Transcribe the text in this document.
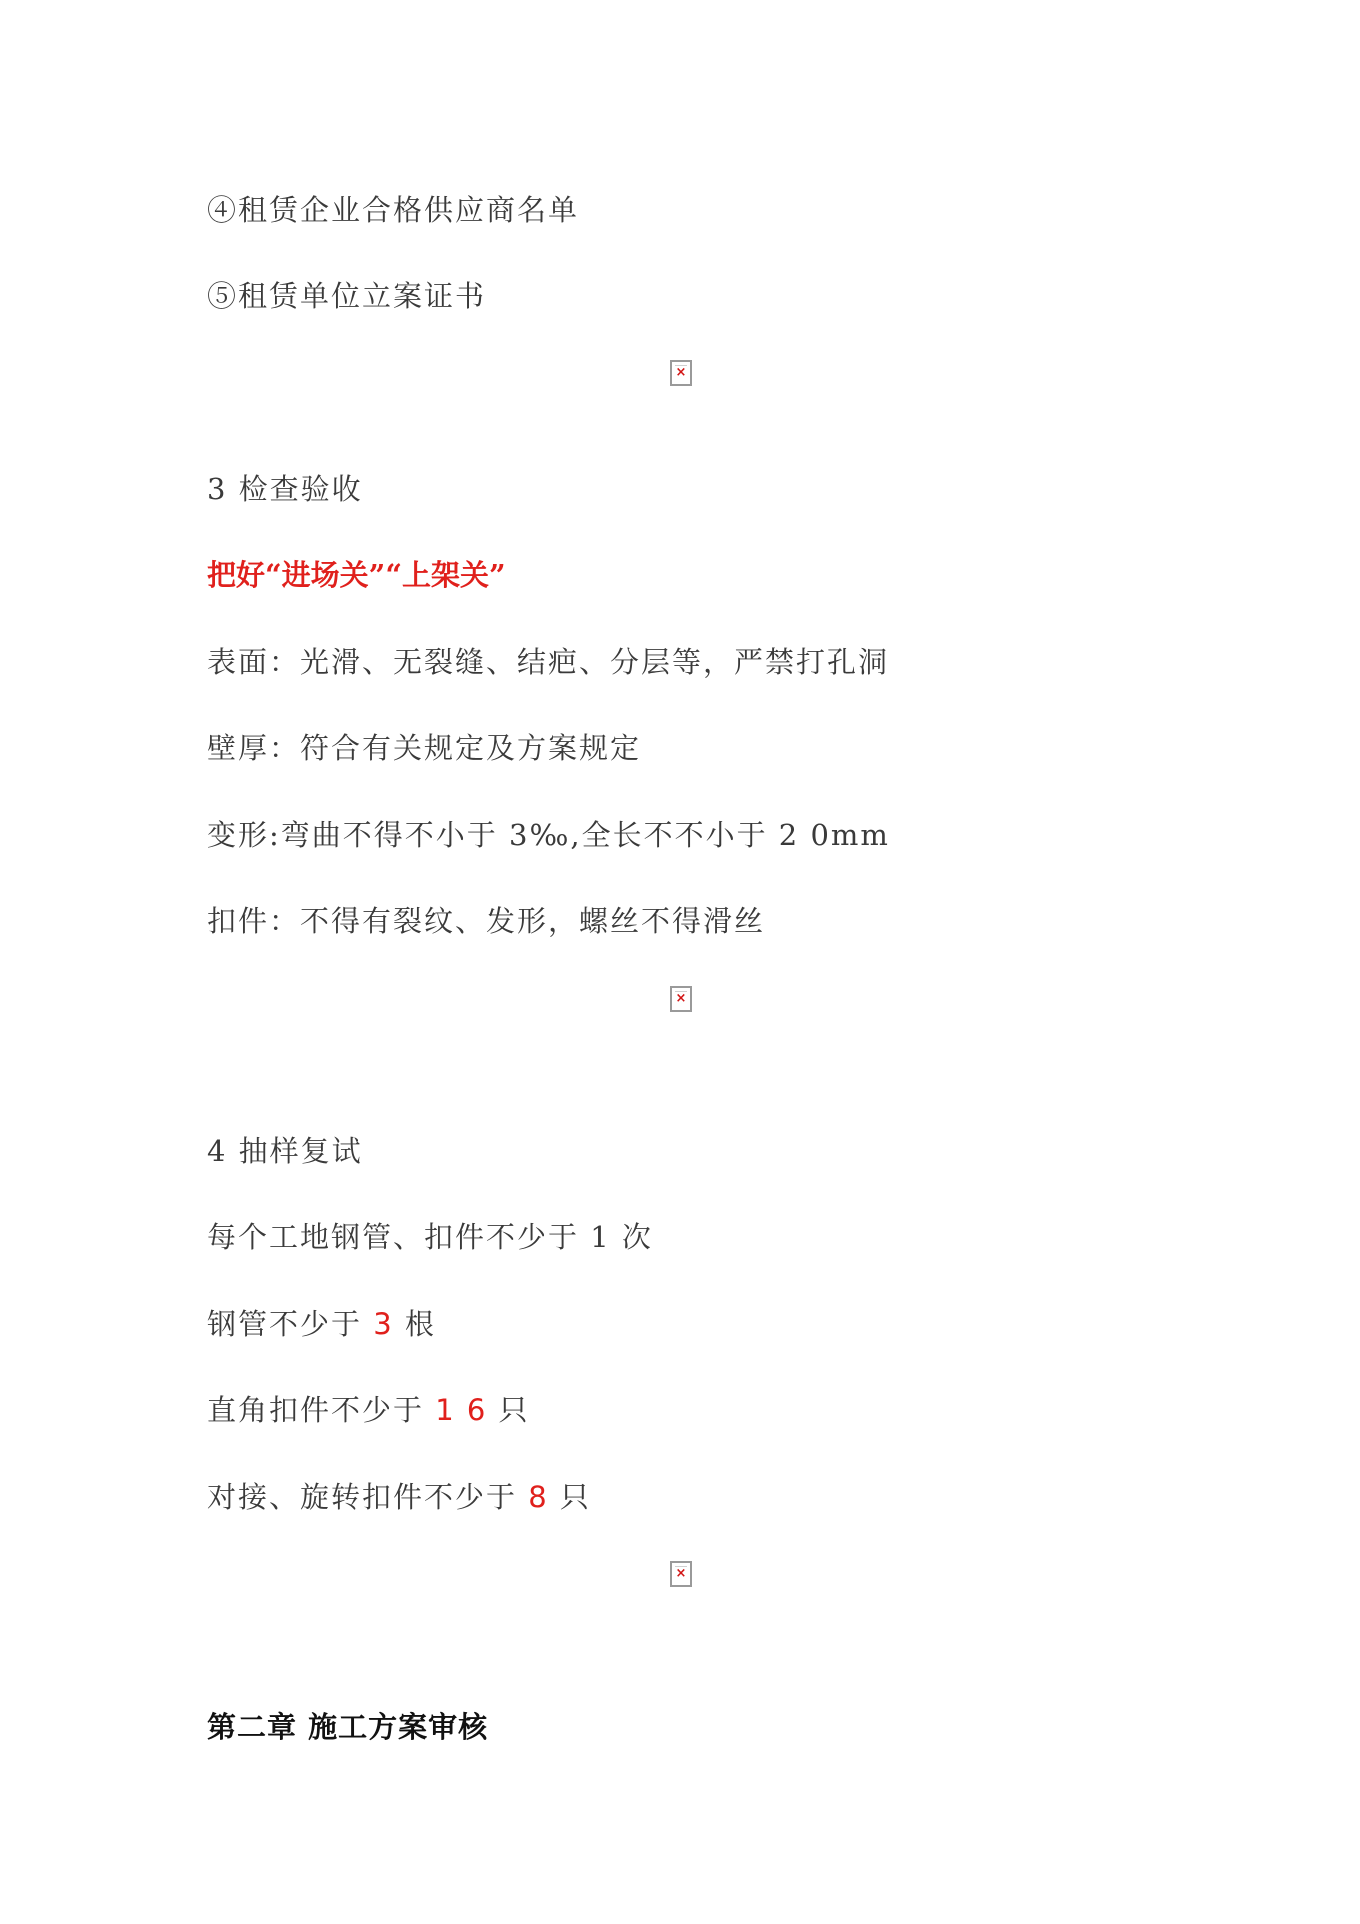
④租赁企业合格供应商名单
⑤租赁单位立案证书
×
3 检查验收
把好“进场关”“上架关”
表面：光滑、无裂缝、结疤、分层等，严禁打孔洞
壁厚：符合有关规定及方案规定
变形:弯曲不得不小于 3‰,全长不不小于 2 0mm
扣件：不得有裂纹、发形，螺丝不得滑丝
×
4 抽样复试
每个工地钢管、扣件不少于 1 次
钢管不少于 3 根
直角扣件不少于 1 6 只
对接、旋转扣件不少于 8 只
×
第二章 施工方案审核
